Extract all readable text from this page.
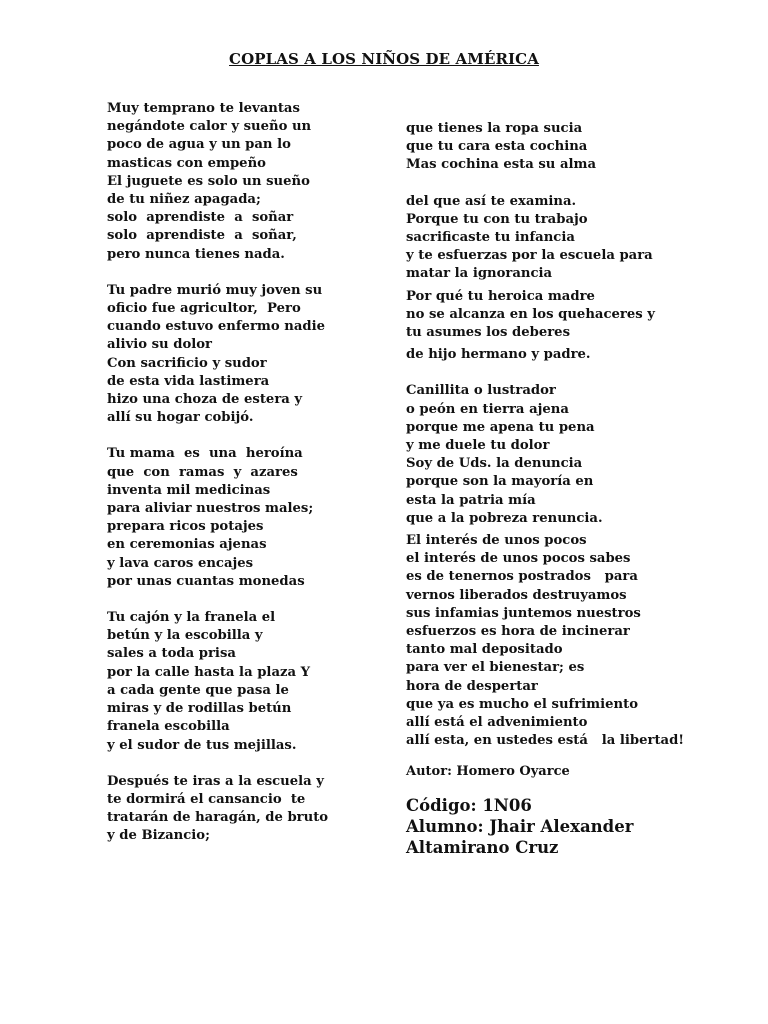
COPLAS A LOS NIÑOS DE AMÉRICA
Muy temprano te levantas
negándote calor y sueño un
poco de agua y un pan lo
masticas con empeño
El juguete es solo un sueño
de tu niñez apagada;
solo  aprendiste  a  soñar
solo  aprendiste  a  soñar,
pero nunca tienes nada.
Tu padre murió muy joven su
oficio fue agricultor,  Pero
cuando estuvo enfermo nadie
alivio su dolor
Con sacrificio y sudor
de esta vida lastimera
hizo una choza de estera y
allí su hogar cobijó.
Tu mama  es  una  heroína
que  con  ramas  y  azares
inventa mil medicinas
para aliviar nuestros males;
prepara ricos potajes
en ceremonias ajenas
y lava caros encajes
por unas cuantas monedas
Tu cajón y la franela el
betún y la escobilla y
sales a toda prisa
por la calle hasta la plaza Y
a cada gente que pasa le
miras y de rodillas betún
franela escobilla
y el sudor de tus mejillas.
Después te iras a la escuela y
te dormirá el cansancio  te
tratarán de haragán, de bruto
y de Bizancio;
que tienes la ropa sucia
que tu cara esta cochina
Mas cochina esta su alma
del que así te examina.
Porque tu con tu trabajo
sacrificaste tu infancia
y te esfuerzas por la escuela para
matar la ignorancia
Por qué tu heroica madre
no se alcanza en los quehaceres y
tu asumes los deberes
de hijo hermano y padre.
Canillita o lustrador
o peón en tierra ajena
porque me apena tu pena
y me duele tu dolor
Soy de Uds. la denuncia
porque son la mayoría en
esta la patria mía
que a la pobreza renuncia.
El interés de unos pocos
el interés de unos pocos sabes
es de tenernos postrados   para
vernos liberados destruyamos
sus infamias juntemos nuestros
esfuerzos es hora de incinerar
tanto mal depositado
para ver el bienestar; es
hora de despertar
que ya es mucho el sufrimiento
allí está el advenimiento
allí esta, en ustedes está   la libertad!
Autor: Homero Oyarce
Código: 1N06
Alumno: Jhair Alexander
Altamirano Cruz
